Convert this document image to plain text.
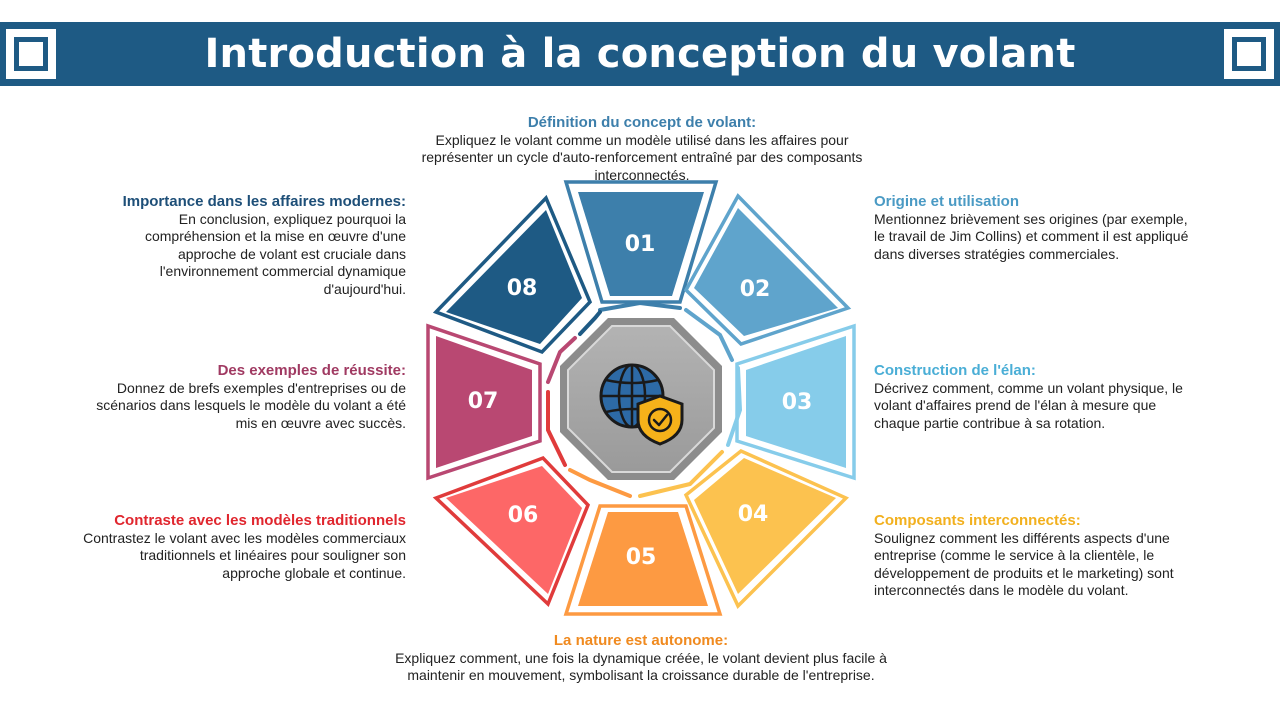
Introduction à la conception du volant
01
02
03
04
05
06
07
08
Définition du concept de volant:
Expliquez le volant comme un modèle utilisé dans les affaires pour représenter un cycle d'auto-renforcement entraîné par des composants interconnectés.
Origine et utilisation
Mentionnez brièvement ses origines (par exemple, le travail de Jim Collins) et comment il est appliqué dans diverses stratégies commerciales.
Construction de l'élan:
Décrivez comment, comme un volant physique, le volant d'affaires prend de l'élan à mesure que chaque partie contribue à sa rotation.
Composants interconnectés:
Soulignez comment les différents aspects d'une entreprise (comme le service à la clientèle, le développement de produits et le marketing) sont interconnectés dans le modèle du volant.
La nature est autonome:
Expliquez comment, une fois la dynamique créée, le volant devient plus facile à maintenir en mouvement, symbolisant la croissance durable de l'entreprise.
Contraste avec les modèles traditionnels
Contrastez le volant avec les modèles commerciaux traditionnels et linéaires pour souligner son approche globale et continue.
Des exemples de réussite:
Donnez de brefs exemples d'entreprises ou de scénarios dans lesquels le modèle du volant a été mis en œuvre avec succès.
Importance dans les affaires modernes:
En conclusion, expliquez pourquoi la compréhension et la mise en œuvre d'une approche de volant est cruciale dans l'environnement commercial dynamique d'aujourd'hui.
